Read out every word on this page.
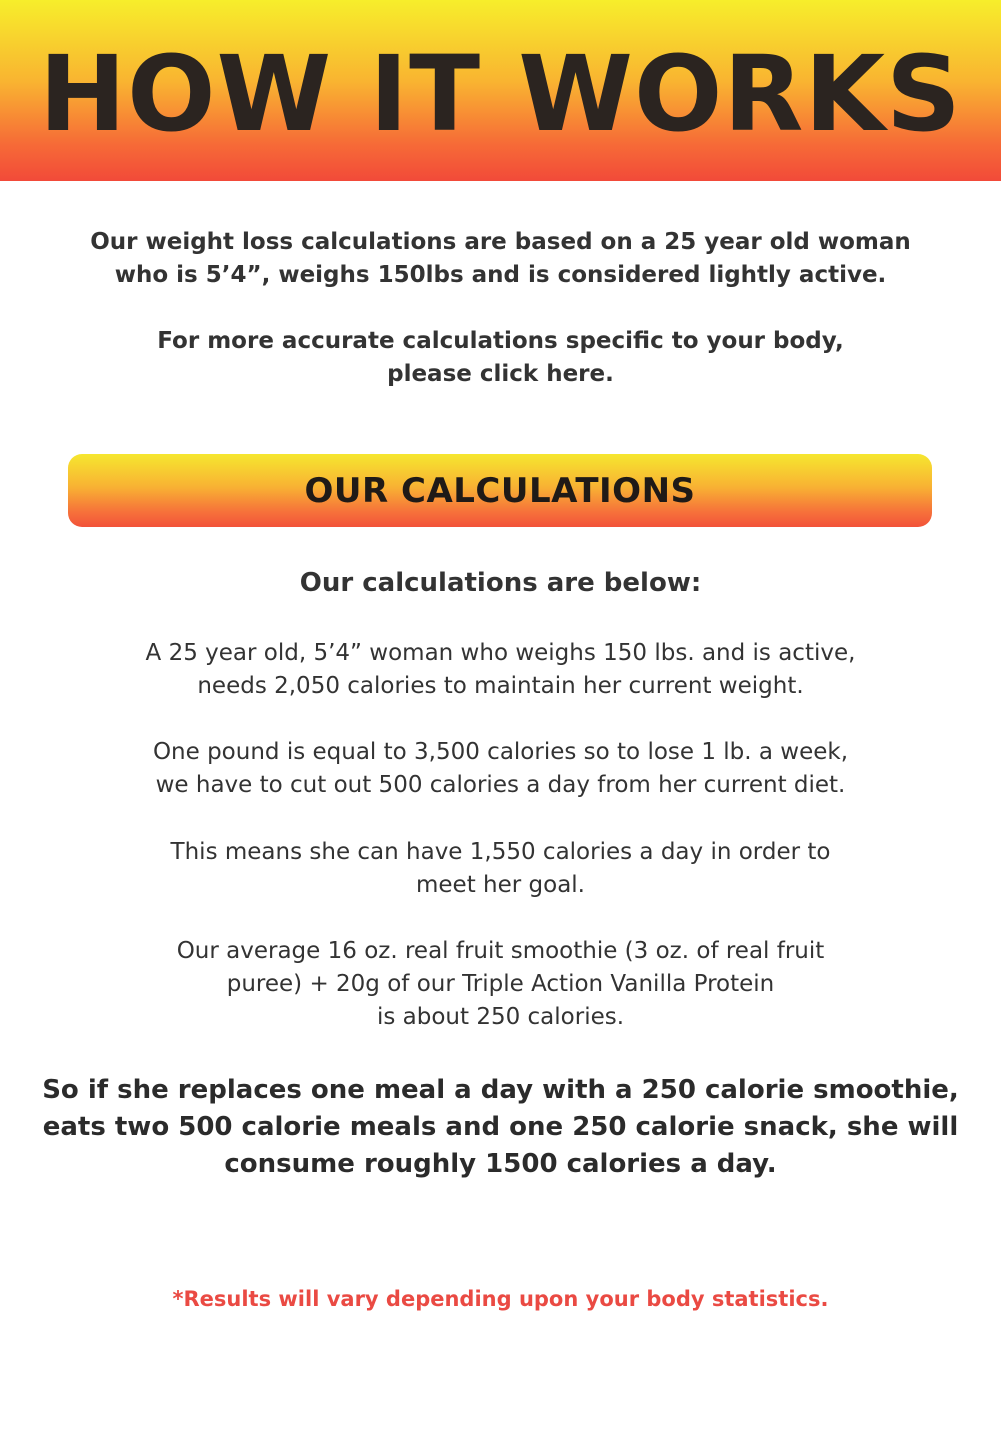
HOW IT WORKS

Our weight loss calculations are based on a 25 year old woman
who is 5’4”, weighs 150lbs and is considered lightly active.

For more accurate calculations specific to your body,
please click here.

OUR CALCULATIONS

Our calculations are below:

A 25 year old, 5’4” woman who weighs 150 lbs. and is active,
needs 2,050 calories to maintain her current weight.

One pound is equal to 3,500 calories so to lose 1 lb. a week,
we have to cut out 500 calories a day from her current diet.

This means she can have 1,550 calories a day in order to
meet her goal.

Our average 16 oz. real fruit smoothie (3 oz. of real fruit
puree) + 20g of our Triple Action Vanilla Protein
is about 250 calories.

So if she replaces one meal a day with a 250 calorie smoothie,
eats two 500 calorie meals and one 250 calorie snack, she will
consume roughly 1500 calories a day.

*Results will vary depending upon your body statistics.
